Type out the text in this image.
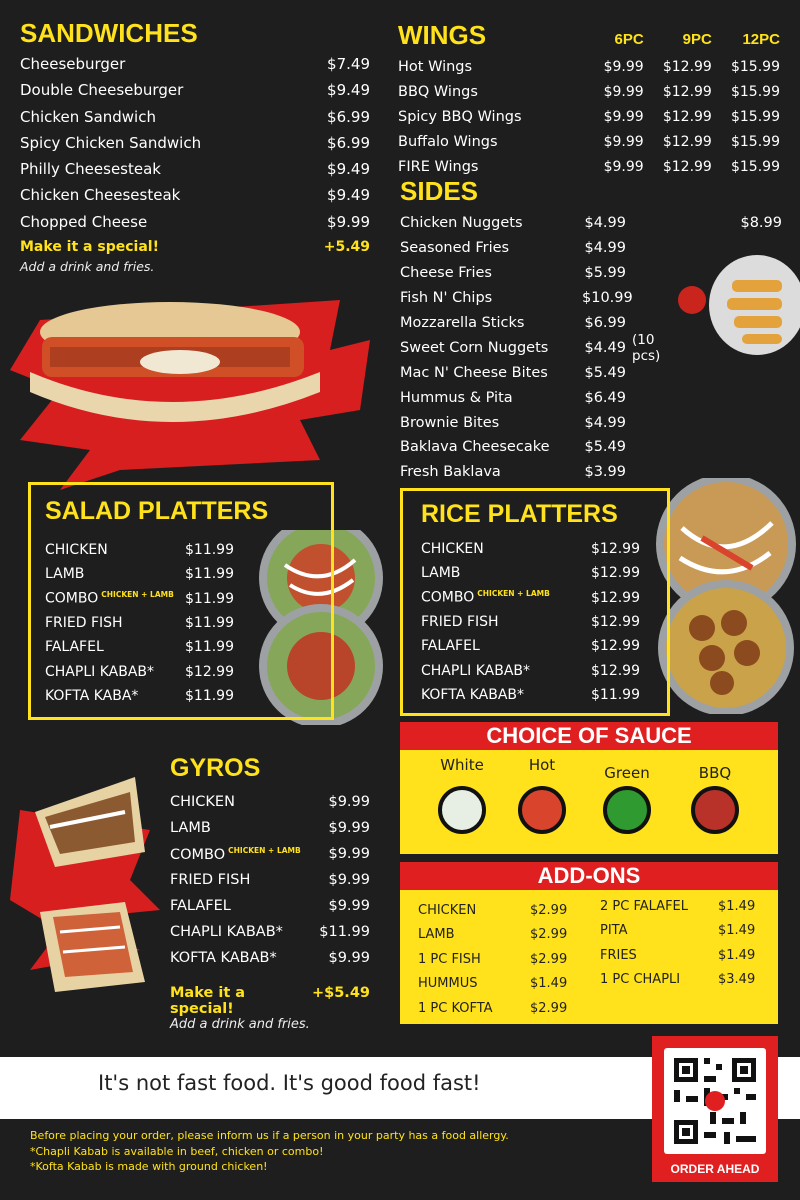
SANDWICHES
Cheeseburger	$7.49
Double Cheeseburger	$9.49
Chicken Sandwich	$6.99
Spicy Chicken Sandwich	$6.99
Philly Cheesesteak	$9.49
Chicken Cheesesteak	$9.49
Chopped Cheese	$9.99
Make it a special!	+5.49
Add a drink and fries.
WINGS	6PC	9PC	12PC
Hot Wings	$9.99	$12.99	$15.99
BBQ Wings	$9.99	$12.99	$15.99
Spicy BBQ Wings	$9.99	$12.99	$15.99
Buffalo Wings	$9.99	$12.99	$15.99
FIRE Wings	$9.99	$12.99	$15.99
SIDES
Chicken Nuggets	$4.99	$8.99
Seasoned Fries	$4.99
Cheese Fries	$5.99
Fish N' Chips	$10.99
Mozzarella Sticks	$6.99
Sweet Corn Nuggets	$4.49 (10 pcs)
Mac N' Cheese Bites	$5.49
Hummus & Pita	$6.49
Brownie Bites	$4.99
Baklava Cheesecake	$5.49
Fresh Baklava	$3.99
SALAD PLATTERS
CHICKEN	$11.99
LAMB	$11.99
COMBO $^{CHICKEN + LAMB}$ $11.99
FRIED FISH	$11.99
FALAFEL	$11.99
CHAPLI KABAB*	$12.99
KOFTA KABA*	$11.99
RICE PLATTERS
CHICKEN	$12.99
LAMB	$12.99
COMBO $^{CHICKEN + LAMB}$	$12.99
FRIED FISH	$12.99
FALAFEL	$12.99
CHAPLI KABAB*	$12.99
KOFTA KABAB*	$11.99
GYROS
CHICKEN	$9.99
LAMB	$9.99
COMBO $^{CHICKEN + LAMB}$ $9.99
FRIED FISH	$9.99
FALAFEL	$9.99
CHAPLI KABAB*	$11.99
KOFTA KABAB*	$9.99
Make it a special!
+$5.49
Add a drink and fries.
CHOICE OF SAUCE
White	Hot	Green	BBQ
ADD-ONS
CHICKEN	$2.99
LAMB	$2.99
1 PC FISH	$2.99
HUMMUS	$1.49
1 PC KOFTA	$2.99
2 PC FALAFEL	$1.49
PITA	$1.49
FRIES	$1.49
1 PC CHAPLI	$3.49
It's not fast food. It's good food fast!
Before placing your order, please inform us if a person in your party has a food allergy.
*Chapli Kabab is available in beef, chicken or combo!
*Kofta Kabab is made with ground chicken!	ORDER AHEAD
